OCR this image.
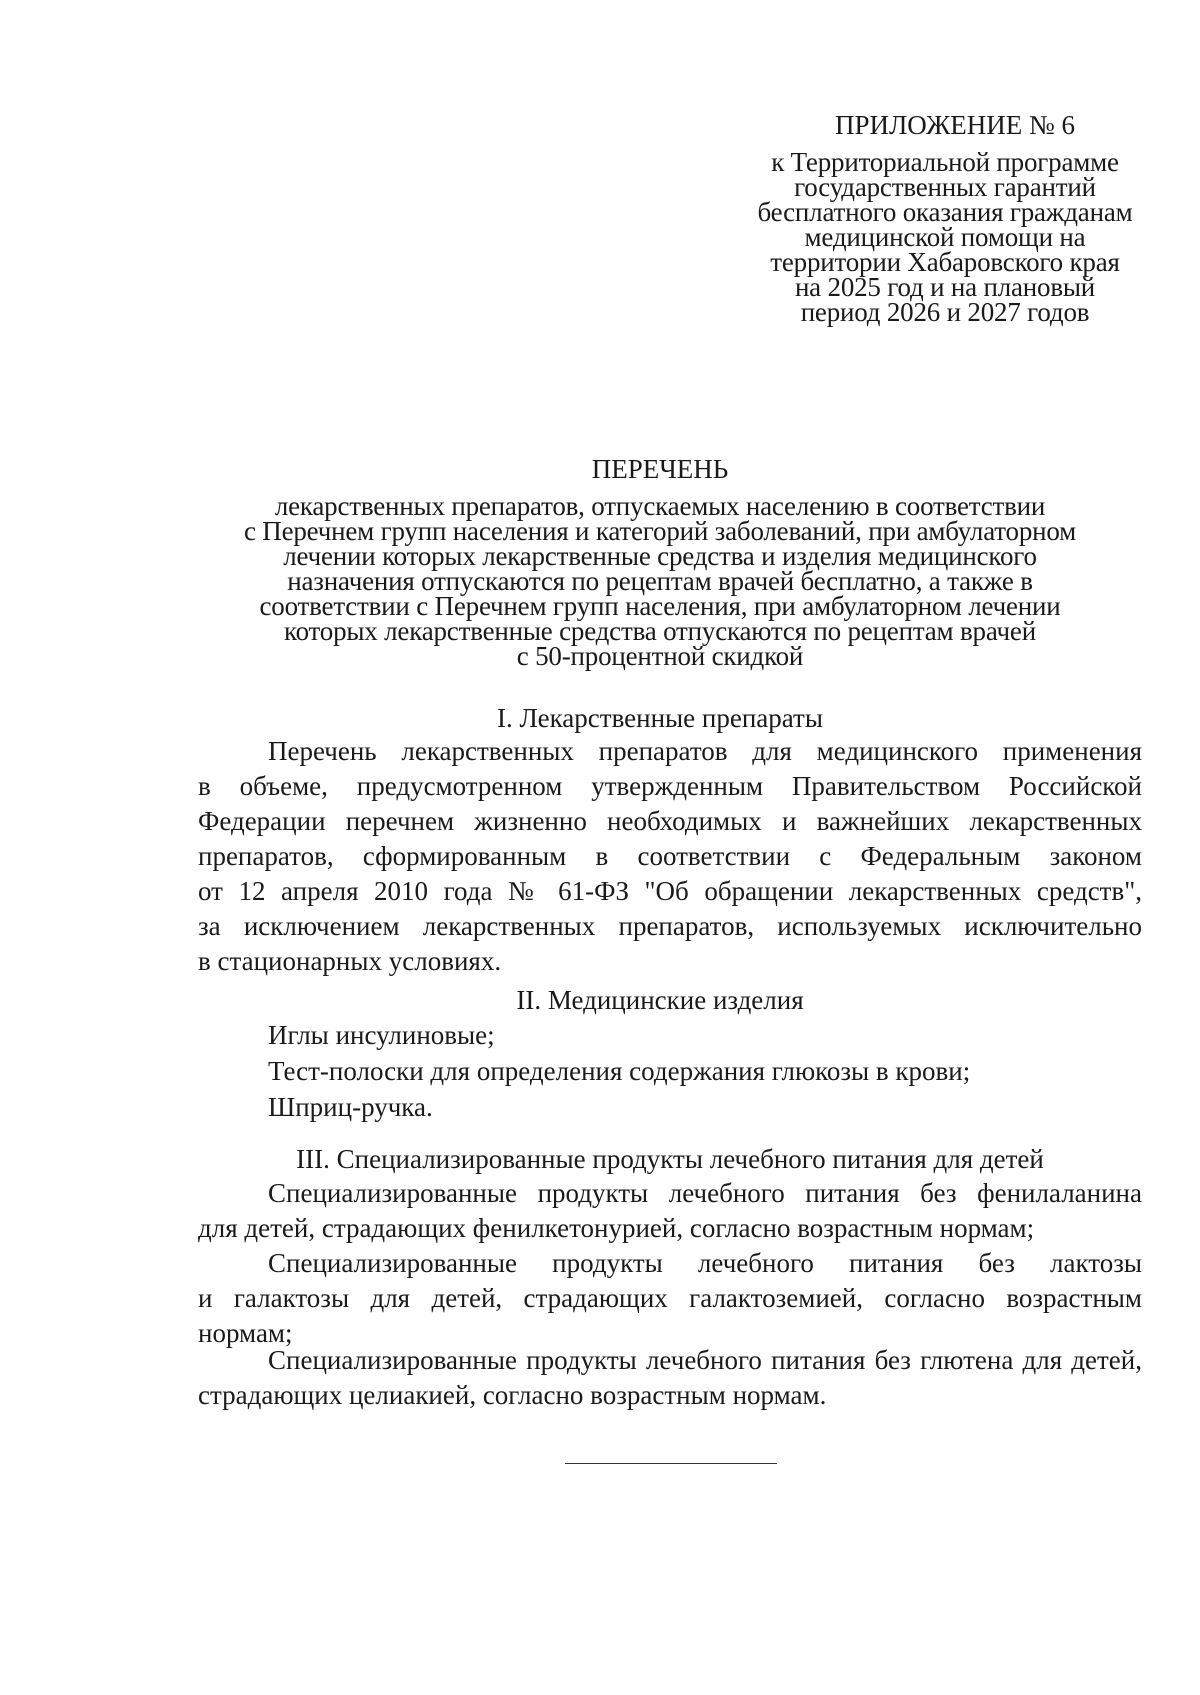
ПРИЛОЖЕНИЕ № 6
к Территориальной программе
государственных гарантий
бесплатного оказания гражданам
медицинской помощи на
территории Хабаровского края
на 2025 год и на плановый
период 2026 и 2027 годов
ПЕРЕЧЕНЬ
лекарственных препаратов, отпускаемых населению в соответствии
с Перечнем групп населения и категорий заболеваний, при амбулаторном
лечении которых лекарственные средства и изделия медицинского
назначения отпускаются по рецептам врачей бесплатно, а также в
соответствии с Перечнем групп населения, при амбулаторном лечении
которых лекарственные средства отпускаются по рецептам врачей
с 50-процентной скидкой
I. Лекарственные препараты
Перечень лекарственных препаратов для медицинского применения
в объеме, предусмотренном утвержденным Правительством Российской
Федерации перечнем жизненно необходимых и важнейших лекарственных
препаратов, сформированным в соответствии с Федеральным законом
от 12 апреля 2010 года № 61-ФЗ "Об обращении лекарственных средств",
за исключением лекарственных препаратов, используемых исключительно
в стационарных условиях.
II. Медицинские изделия
Иглы инсулиновые;
Тест-полоски для определения содержания глюкозы в крови;
Шприц-ручка.
III. Специализированные продукты лечебного питания для детей
Специализированные продукты лечебного питания без фенилаланина
для детей, страдающих фенилкетонурией, согласно возрастным нормам;
Специализированные продукты лечебного питания без лактозы
и галактозы для детей, страдающих галактоземией, согласно возрастным
нормам;
Специализированные продукты лечебного питания без глютена для детей,
страдающих целиакией, согласно возрастным нормам.
